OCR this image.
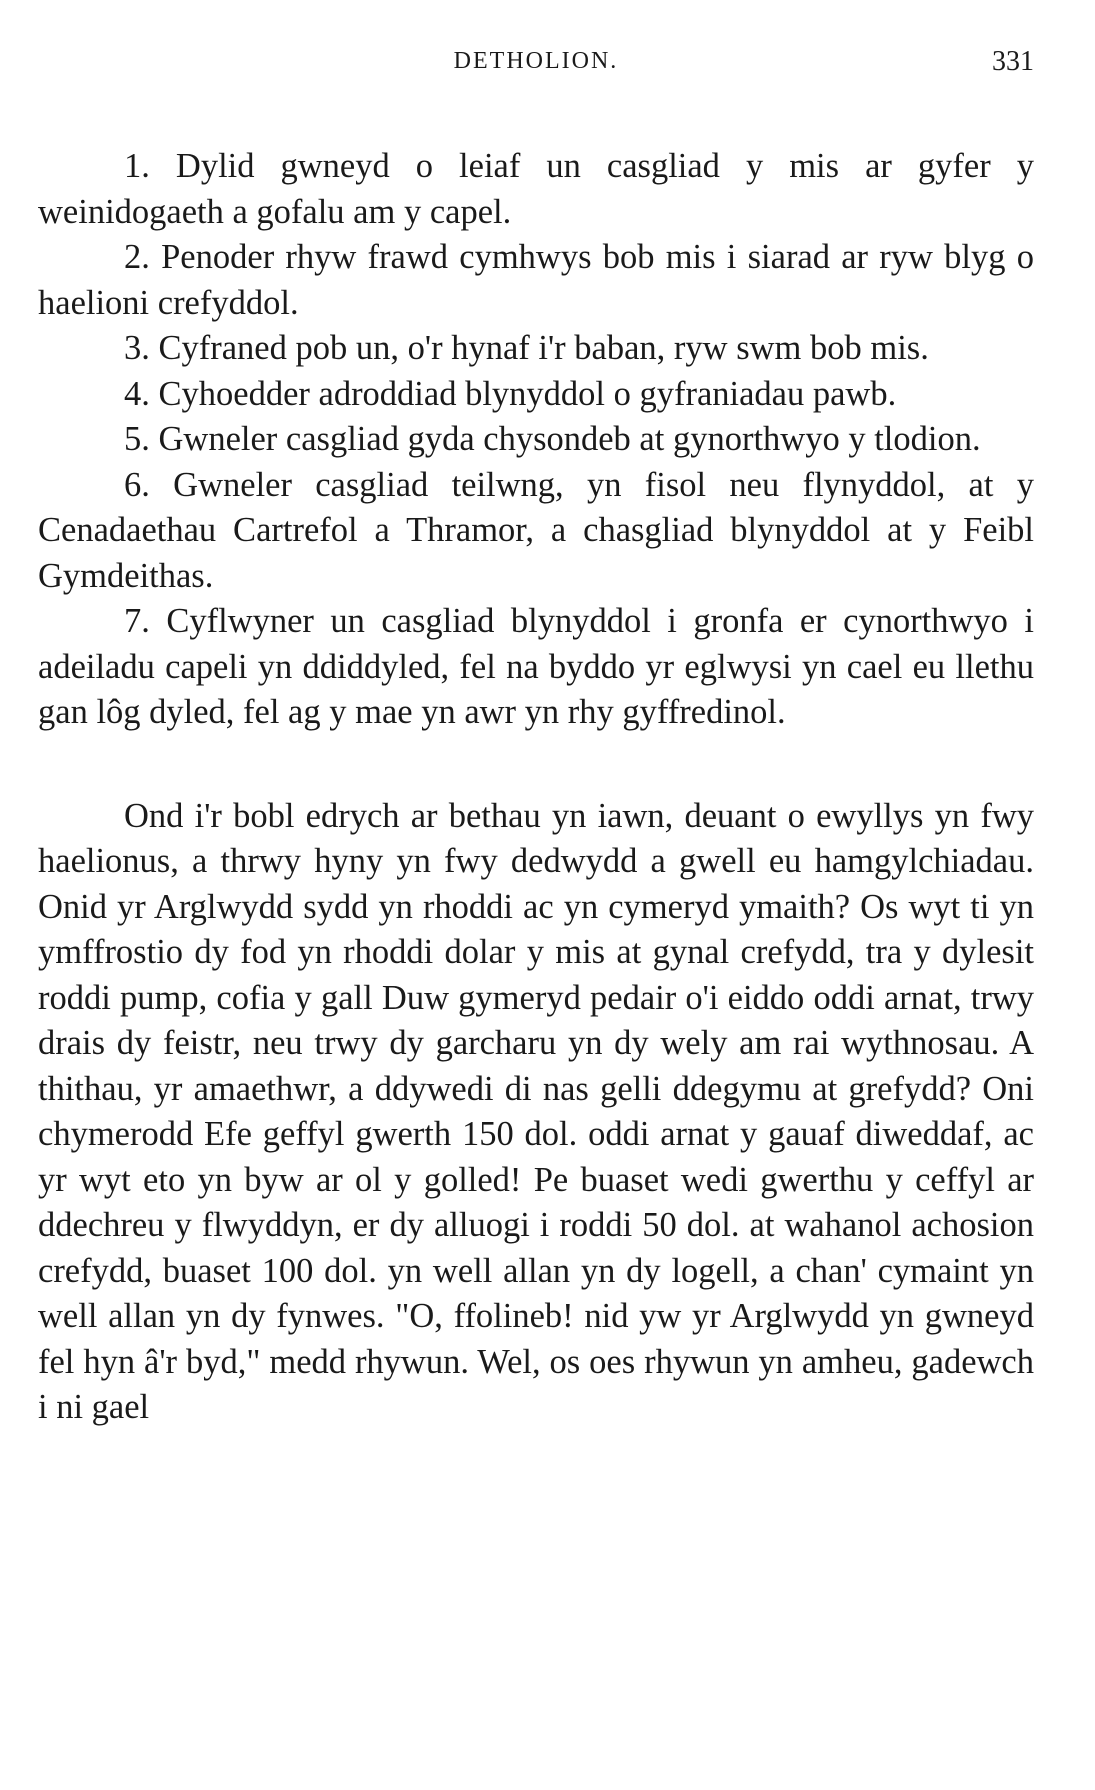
DETHOLION.	331

1. Dylid gwneyd o leiaf un casgliad y mis ar gyfer y weinidogaeth a gofalu am y capel.

2. Penoder rhyw frawd cymhwys bob mis i siarad ar ryw blyg o haelioni crefyddol.

3. Cyfraned pob un, o'r hynaf i'r baban, ryw swm bob mis.

4. Cyhoedder adroddiad blynyddol o gyfraniadau pawb.

5. Gwneler casgliad gyda chysondeb at gynorthwyo y tlodion.

6. Gwneler casgliad teilwng, yn fisol neu flynyddol, at y Cenadaethau Cartrefol a Thramor, a chasgliad blynyddol at y Feibl Gymdeithas.

7. Cyflwyner un casgliad blynyddol i gronfa er cynorthwyo i adeiladu capeli yn ddiddyled, fel na byddo yr eglwysi yn cael eu llethu gan lôg dyled, fel ag y mae yn awr yn rhy gyffredinol.

Ond i'r bobl edrych ar bethau yn iawn, deuant o ewyllys yn fwy haelionus, a thrwy hyny yn fwy dedwydd a gwell eu hamgylchiadau. Onid yr Arglwydd sydd yn rhoddi ac yn cymeryd ymaith? Os wyt ti yn ymffrostio dy fod yn rhoddi dolar y mis at gynal crefydd, tra y dylesit roddi pump, cofia y gall Duw gymeryd pedair o'i eiddo oddi arnat, trwy drais dy feistr, neu trwy dy garcharu yn dy wely am rai wythnosau. A thithau, yr amaethwr, a ddywedi di nas gelli ddegymu at grefydd? Oni chymerodd Efe geffyl gwerth 150 dol. oddi arnat y gauaf diweddaf, ac yr wyt eto yn byw ar ol y golled! Pe buaset wedi gwerthu y ceffyl ar ddechreu y flwyddyn, er dy alluogi i roddi 50 dol. at wahanol achosion crefydd, buaset 100 dol. yn well allan yn dy logell, a chan' cymaint yn well allan yn dy fynwes. "O, ffolineb! nid yw yr Arglwydd yn gwneyd fel hyn â'r byd," medd rhywun. Wel, os oes rhywun yn amheu, gadewch i ni gael
